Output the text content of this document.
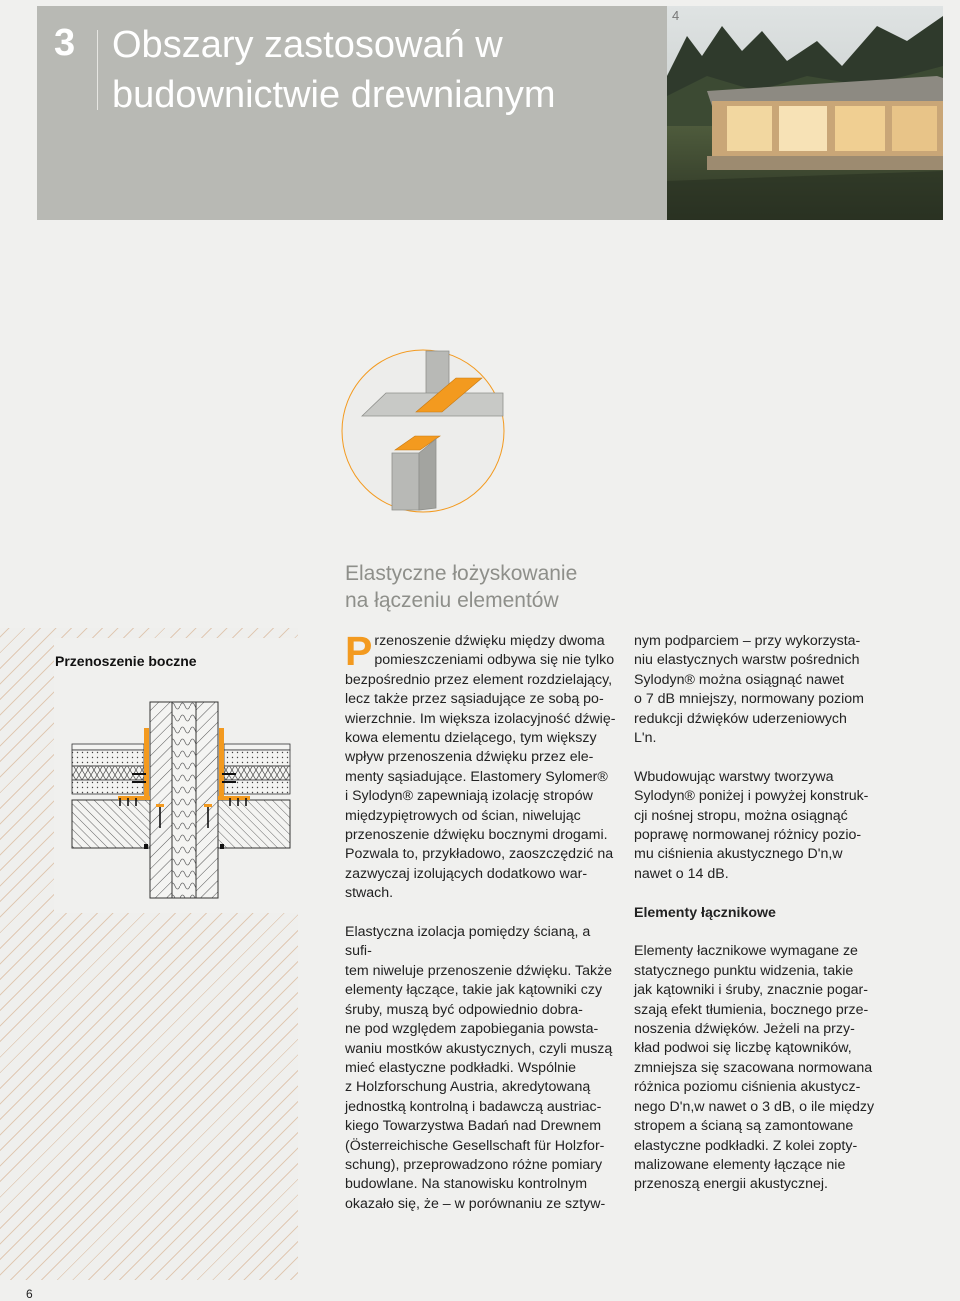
3 Obszary zastosowań w
budownictwie drewnianym
4
Elastyczne łożyskowanie
na łączeniu elementów
Przenoszenie boczne	P rzenoszenie dźwięku między dwoma
pomieszczeniami odbywa się nie tylko
bezpośrednio przez element rozdzielający,
lecz także przez sąsiadujące ze sobą po-
wierzchnie. Im większa izolacyjność dźwię-
kowa elementu dzielącego, tym większy
wpływ przenoszenia dźwięku przez ele-
menty sąsiadujące. Elastomery Sylomer®
i Sylodyn® zapewniają izolację stropów
międzypiętrowych od ścian, niwelując
przenoszenie dźwięku bocznymi drogami.
Pozwala to, przykładowo, zaoszczędzić na
zazwyczaj izolujących dodatkowo war-
stwach.

Elastyczna izolacja pomiędzy ścianą, a sufi-
tem niweluje przenoszenie dźwięku. Także
elementy łączące, takie jak kątowniki czy
śruby, muszą być odpowiednio dobra-
ne pod względem zapobiegania powsta-
waniu mostków akustycznych, czyli muszą
mieć elastyczne podkładki. Wspólnie
z Holzforschung Austria, akredytowaną
jednostką kontrolną i badawczą austriac-
kiego Towarzystwa Badań nad Drewnem
(Österreichische Gesellschaft für Holzfor-
schung), przeprowadzono różne pomiary
budowlane. Na stanowisku kontrolnym
okazało się, że – w porównaniu ze sztyw-

nym podparciem – przy wykorzysta-
niu elastycznych warstw pośrednich
Sylodyn® można osiągnąć nawet
o 7 dB mniejszy, normowany poziom
redukcji dźwięków uderzeniowych
L'n.

Wbudowując warstwy tworzywa
Sylodyn® poniżej i powyżej konstruk-
cji nośnej stropu, można osiągnąć
poprawę normowanej różnicy pozio-
mu ciśnienia akustycznego D'n,w
nawet o 14 dB.

Elementy łącznikowe

Elementy łacznikowe wymagane ze
statycznego punktu widzenia, takie
jak kątowniki i śruby, znacznie pogar-
szają efekt tłumienia, bocznego prze-
noszenia dźwięków. Jeżeli na przy-
kład podwoi się liczbę kątowników,
zmniejsza się szacowana normowana
różnica poziomu ciśnienia akustycz-
nego D'n,w nawet o 3 dB, o ile między
stropem a ścianą są zamontowane
elastyczne podkładki. Z kolei zopty-
malizowane elementy łączące nie
przenoszą energii akustycznej.

6
